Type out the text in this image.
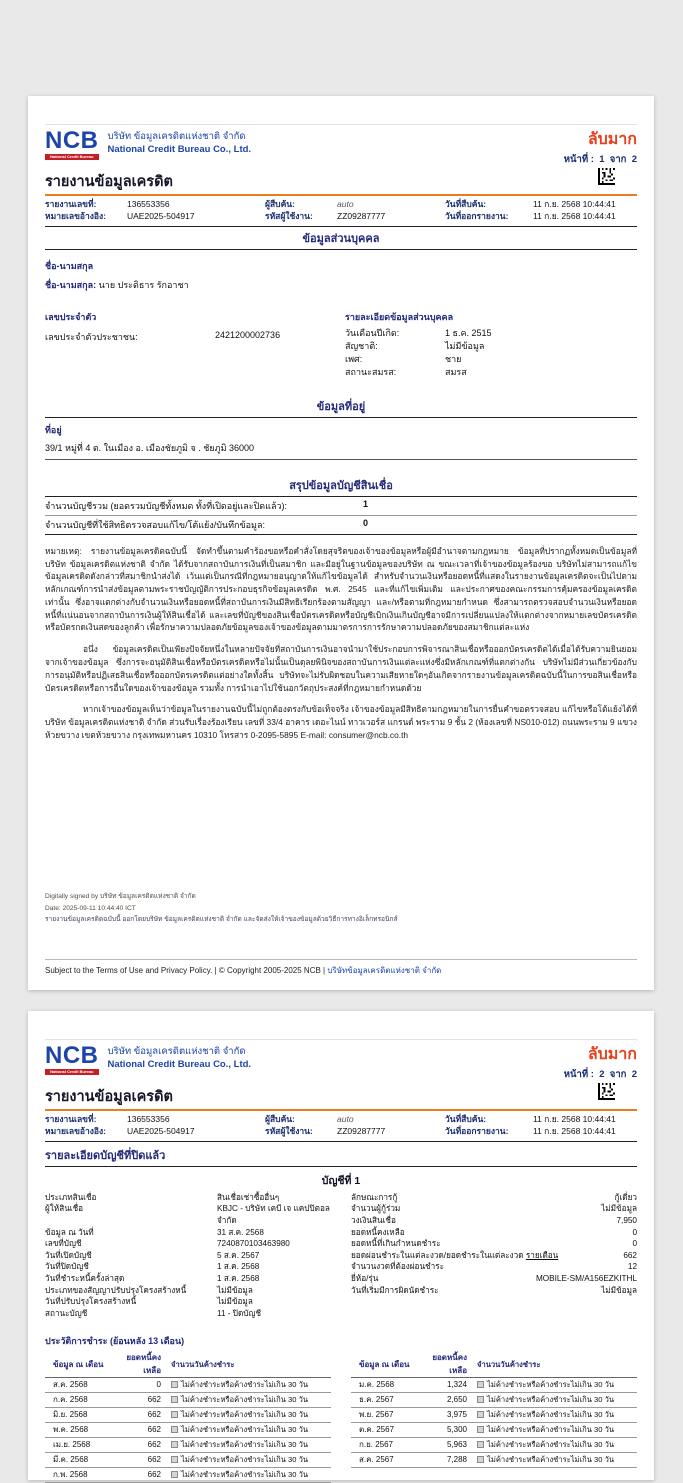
NCB
National Credit Bureau
บริษัท ข้อมูลเครดิตแห่งชาติ จำกัด
National Credit Bureau Co., Ltd.
ลับมาก
หน้าที่ :  1  จาก  2
รายงานข้อมูลเครดิต
รายงานเลขที่:	136553356	ผู้สืบค้น:	auto	วันที่สืบค้น:	11 ก.ย. 2568 10:44:41
หมายเลขอ้างอิง:	UAE2025-504917	รหัสผู้ใช้งาน:	ZZ09287777	วันที่ออกรายงาน:	11 ก.ย. 2568 10:44:41
ข้อมูลส่วนบุคคล
ชื่อ-นามสกุล
ชื่อ-นามสกุล: นาย ประดิธาร รักอาชา
เลขประจำตัว
เลขประจำตัวประชาชน:	2421200002736
รายละเอียดข้อมูลส่วนบุคคล
วันเดือนปีเกิด:	1 ธ.ค. 2515
สัญชาติ:	ไม่มีข้อมูล
เพศ:	ชาย
สถานะสมรส:	สมรส
ข้อมูลที่อยู่
ที่อยู่
39/1 หมู่ที่ 4 ต. ในเมือง อ. เมืองชัยภูมิ จ . ชัยภูมิ 36000
สรุปข้อมูลบัญชีสินเชื่อ
จำนวนบัญชีรวม (ยอดรวมบัญชีทั้งหมด ทั้งที่เปิดอยู่และปิดแล้ว):	1
จำนวนบัญชีที่ใช้สิทธิตรวจสอบแก้ไข/โต้แย้ง/บันทึกข้อมูล:	0

หมายเหตุ: รายงานข้อมูลเครดิตฉบับนี้ จัดทำขึ้นตามคำร้องขอหรือคำสั่งโดยสุจริตของเจ้าของข้อมูลหรือผู้มีอำนาจตามกฎหมาย ข้อมูลที่ปรากฏทั้งหมดเป็นข้อมูลที่บริษัท ข้อมูลเครดิตแห่งชาติ จำกัด ได้รับจากสถาบันการเงินที่เป็นสมาชิก และมีอยู่ในฐานข้อมูลของบริษัท ณ ขณะเวลาที่เจ้าของข้อมูลร้องขอ บริษัทไม่สามารถแก้ไขข้อมูลเครดิตดังกล่าวที่สมาชิกนำส่งได้ เว้นแต่เป็นกรณีที่กฎหมายอนุญาตให้แก้ไขข้อมูลได้ สำหรับจำนวนเงินหรือยอดหนี้ที่แสดงในรายงานข้อมูลเครดิตจะเป็นไปตามหลักเกณฑ์การนำส่งข้อมูลตามพระราชบัญญัติการประกอบธุรกิจข้อมูลเครดิต พ.ศ. 2545 และที่แก้ไขเพิ่มเติม และประกาศของคณะกรรมการคุ้มครองข้อมูลเครดิตเท่านั้น ซึ่งอาจแตกต่างกับจำนวนเงินหรือยอดหนี้ที่สถาบันการเงินมีสิทธิเรียกร้องตามสัญญา และ/หรือตามที่กฎหมายกำหนด ซึ่งสามารถตรวจสอบจำนวนเงินหรือยอดหนี้ที่แน่นอนจากสถาบันการเงินผู้ให้สินเชื่อได้ และเลขที่บัญชีของสินเชื่อบัตรเครดิตหรือบัญชีเบิกเงินเกินบัญชีอาจมีการเปลี่ยนแปลงให้แตกต่างจากหมายเลขบัตรเครดิตหรือบัตรกดเงินสดของลูกค้า เพื่อรักษาความปลอดภัยข้อมูลของเจ้าของข้อมูลตามมาตรการการรักษาความปลอดภัยของสมาชิกแต่ละแห่ง

อนึ่ง ข้อมูลเครดิตเป็นเพียงปัจจัยหนึ่งในหลายปัจจัยที่สถาบันการเงินอาจนำมาใช้ประกอบการพิจารณาสินเชื่อหรือออกบัตรเครดิตได้เมื่อได้รับความยินยอมจากเจ้าของข้อมูล ซึ่งการจะอนุมัติสินเชื่อหรือบัตรเครดิตหรือไม่นั้นเป็นดุลยพินิจของสถาบันการเงินแต่ละแห่งซึ่งมีหลักเกณฑ์ที่แตกต่างกัน บริษัทไม่มีส่วนเกี่ยวข้องกับการอนุมัติหรือปฏิเสธสินเชื่อหรือออกบัตรเครดิตแต่อย่างใดทั้งสิ้น บริษัทจะไม่รับผิดชอบในความเสียหายใดๆอันเกิดจากรายงานข้อมูลเครดิตฉบับนี้ในการขอสินเชื่อหรือบัตรเครดิตหรือการอื่นใดของเจ้าของข้อมูล รวมทั้ง การนำเอาไปใช้นอกวัตถุประสงค์ที่กฎหมายกำหนดด้วย

หากเจ้าของข้อมูลเห็นว่าข้อมูลในรายงานฉบับนี้ไม่ถูกต้องตรงกับข้อเท็จจริง เจ้าของข้อมูลมีสิทธิตามกฎหมายในการยื่นคำขอตรวจสอบ แก้ไขหรือโต้แย้งได้ที่ บริษัท ข้อมูลเครดิตแห่งชาติ จำกัด ส่วนรับเรื่องร้องเรียน เลขที่ 33/4 อาคาร เดอะไนน์ ทาวเวอร์ส แกรนด์ พระราม 9 ชั้น 2 (ห้องเลขที่ NS010-012) ถนนพระราม 9 แขวงห้วยขวาง เขตห้วยขวาง กรุงเทพมหานคร 10310 โทรสาร 0-2095-5895 E-mail: consumer@ncb.co.th

Digitally signed by บริษัท ข้อมูลเครดิตแห่งชาติ จำกัด
Date: 2025-09-11 10:44:40 ICT
รายงานข้อมูลเครดิตฉบับนี้ ออกโดยบริษัท ข้อมูลเครดิตแห่งชาติ จำกัด และจัดส่งให้เจ้าของข้อมูลด้วยวิธีการทางอิเล็กทรอนิกส์
Subject to the Terms of Use and Privacy Policy. | © Copyright 2005-2025 NCB | บริษัทข้อมูลเครดิตแห่งชาติ จำกัด
NCB
National Credit Bureau
บริษัท ข้อมูลเครดิตแห่งชาติ จำกัด
National Credit Bureau Co., Ltd.
ลับมาก
หน้าที่ :  2  จาก  2
รายงานข้อมูลเครดิต
รายงานเลขที่:	136553356	ผู้สืบค้น:	auto	วันที่สืบค้น:	11 ก.ย. 2568 10:44:41
หมายเลขอ้างอิง:	UAE2025-504917	รหัสผู้ใช้งาน:	ZZ09287777	วันที่ออกรายงาน:	11 ก.ย. 2568 10:44:41
รายละเอียดบัญชีที่ปิดแล้ว
บัญชีที่ 1
ประเภทสินเชื่อ	สินเชื่อเช่าซื้ออื่นๆ
ผู้ให้สินเชื่อ	KBJC - บริษัท เคบี เจ แคปปิตอล จำกัด
ข้อมูล ณ วันที่	31 ส.ค. 2568
เลขที่บัญชี	7240870103463980
วันที่เปิดบัญชี	5 ส.ค. 2567
วันที่ปิดบัญชี	1 ส.ค. 2568
วันที่ชำระหนี้ครั้งล่าสุด	1 ส.ค. 2568
ประเภทของสัญญาปรับปรุงโครงสร้างหนี้	ไม่มีข้อมูล
วันที่ปรับปรุงโครงสร้างหนี้	ไม่มีข้อมูล
สถานะบัญชี	11 - ปิดบัญชี
ลักษณะการกู้	กู้เดี่ยว
จำนวนผู้กู้ร่วม	ไม่มีข้อมูล
วงเงินสินเชื่อ	7,950
ยอดหนี้คงเหลือ	0
ยอดหนี้ที่เกินกำหนดชำระ	0
ยอดผ่อนชำระในแต่ละงวด/ยอดชำระในแต่ละงวด รายเดือน	662
จำนวนงวดที่ต้องผ่อนชำระ	12
ยี่ห้อ/รุ่น	MOBILE-SM/A156EZKITHL
วันที่เริ่มมีการผิดนัดชำระ	ไม่มีข้อมูล
ประวัติการชำระ (ย้อนหลัง 13 เดือน)
ข้อมูล ณ เดือน
ยอดหนี้คงเหลือ
จำนวนวันค้างชำระ
ส.ค. 2568	0	ไม่ค้างชำระหรือค้างชำระไม่เกิน 30 วัน
ก.ค. 2568	662	ไม่ค้างชำระหรือค้างชำระไม่เกิน 30 วัน
มิ.ย. 2568	662	ไม่ค้างชำระหรือค้างชำระไม่เกิน 30 วัน
พ.ค. 2568	662	ไม่ค้างชำระหรือค้างชำระไม่เกิน 30 วัน
เม.ย. 2568	662	ไม่ค้างชำระหรือค้างชำระไม่เกิน 30 วัน
มี.ค. 2568	662	ไม่ค้างชำระหรือค้างชำระไม่เกิน 30 วัน
ก.พ. 2568	662	ไม่ค้างชำระหรือค้างชำระไม่เกิน 30 วัน
ข้อมูล ณ เดือน
ยอดหนี้คงเหลือ
จำนวนวันค้างชำระ
ม.ค. 2568	1,324	ไม่ค้างชำระหรือค้างชำระไม่เกิน 30 วัน
ธ.ค. 2567	2,650	ไม่ค้างชำระหรือค้างชำระไม่เกิน 30 วัน
พ.ย. 2567	3,975	ไม่ค้างชำระหรือค้างชำระไม่เกิน 30 วัน
ต.ค. 2567	5,300	ไม่ค้างชำระหรือค้างชำระไม่เกิน 30 วัน
ก.ย. 2567	5,963	ไม่ค้างชำระหรือค้างชำระไม่เกิน 30 วัน
ส.ค. 2567	7,288	ไม่ค้างชำระหรือค้างชำระไม่เกิน 30 วัน
